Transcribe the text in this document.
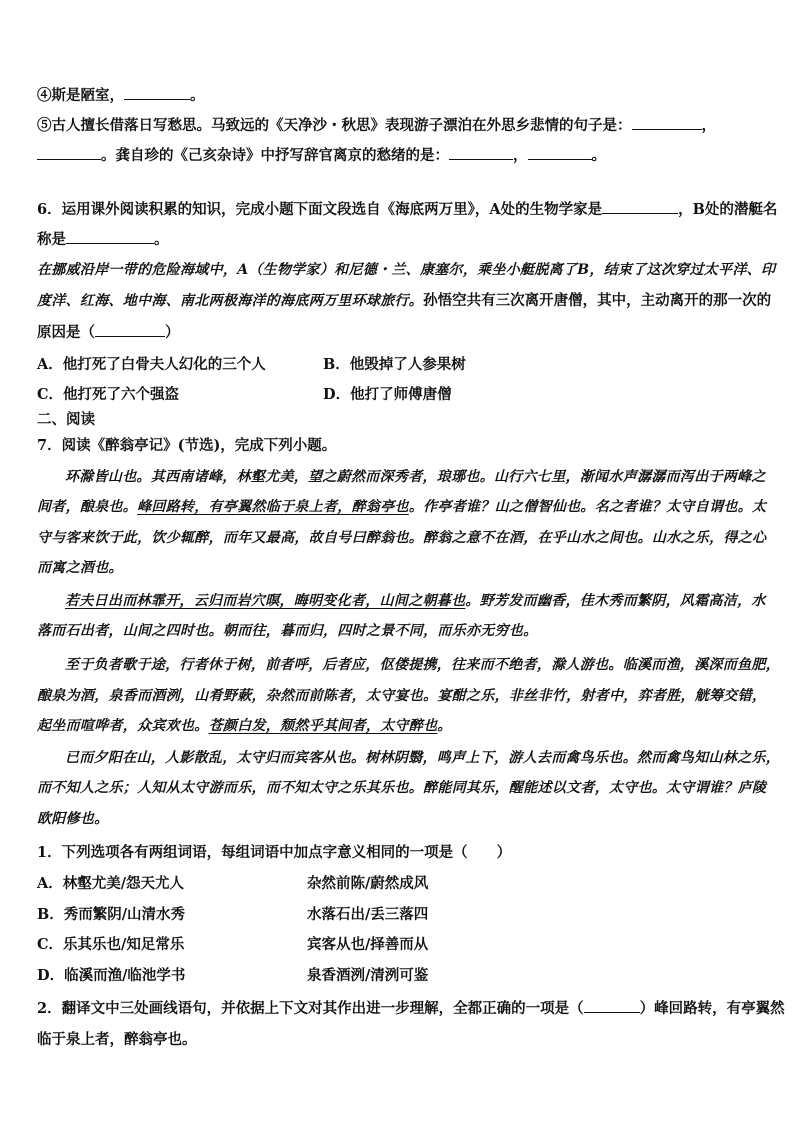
④斯是陋室，	。
⑤古人擅长借落日写愁思。马致远的《天净沙・秋思》表现游子漂泊在外思乡悲情的句子是：	，
。龚自珍的《己亥杂诗》中抒写辞官离京的愁绪的是：	，	。
6．运用课外阅读积累的知识，完成小题下面文段选自《海底两万里》，A处的生物学家是	，B处的潜艇名
称是	。
在挪威沿岸一带的危险海域中，A（生物学家）和尼德・兰、康塞尔，乘坐小艇脱离了B，结束了这次穿过太平洋、印
度洋、红海、地中海、南北两极海洋的海底两万里环球旅行。孙悟空共有三次离开唐僧，其中，主动离开的那一次的
原因是（	）
A．他打死了白骨夫人幻化的三个人	B．他毁掉了人参果树
C．他打死了六个强盗	D．他打了师傅唐僧
二、阅读
7．阅读《醉翁亭记》(节选)，完成下列小题。
环滁皆山也。其西南诸峰，林壑尤美，望之蔚然而深秀者，琅琊也。山行六七里，渐闻水声潺潺而泻出于两峰之
间者，酿泉也。峰回路转，有亭翼然临于泉上者，醉翁亭也。作亭者谁？山之僧智仙也。名之者谁？太守自谓也。太
守与客来饮于此，饮少辄醉，而年又最高，故自号曰醉翁也。醉翁之意不在酒，在乎山水之间也。山水之乐，得之心
而寓之酒也。
若夫日出而林霏开，云归而岩穴暝，晦明变化者，山间之朝暮也。野芳发而幽香，佳木秀而繁阴，风霜高洁，水
落而石出者，山间之四时也。朝而往，暮而归，四时之景不同，而乐亦无穷也。
至于负者歌于途，行者休于树，前者呼，后者应，伛偻提携，往来而不绝者，滁人游也。临溪而渔，溪深而鱼肥，
酿泉为酒，泉香而酒洌，山肴野蔌，杂然而前陈者，太守宴也。宴酣之乐，非丝非竹，射者中，弈者胜，觥筹交错，
起坐而喧哗者，众宾欢也。苍颜白发，颓然乎其间者，太守醉也。
已而夕阳在山，人影散乱，太守归而宾客从也。树林阴翳，鸣声上下，游人去而禽鸟乐也。然而禽鸟知山林之乐，
而不知人之乐；人知从太守游而乐，而不知太守之乐其乐也。醉能同其乐，醒能述以文者，太守也。太守谓谁？庐陵
欧阳修也。
1．下列选项各有两组词语，每组词语中加点字意义相同的一项是（　　）
A．林壑尤美/怨天尤人	杂然前陈/蔚然成风
B．秀而繁阴/山清水秀	水落石出/丢三落四
C．乐其乐也/知足常乐	宾客从也/择善而从
D．临溪而渔/临池学书	泉香酒洌/清洌可鉴
2．翻译文中三处画线语句，并依据上下文对其作出进一步理解，全都正确的一项是（	）峰回路转，有亭翼然
临于泉上者，醉翁亭也。
